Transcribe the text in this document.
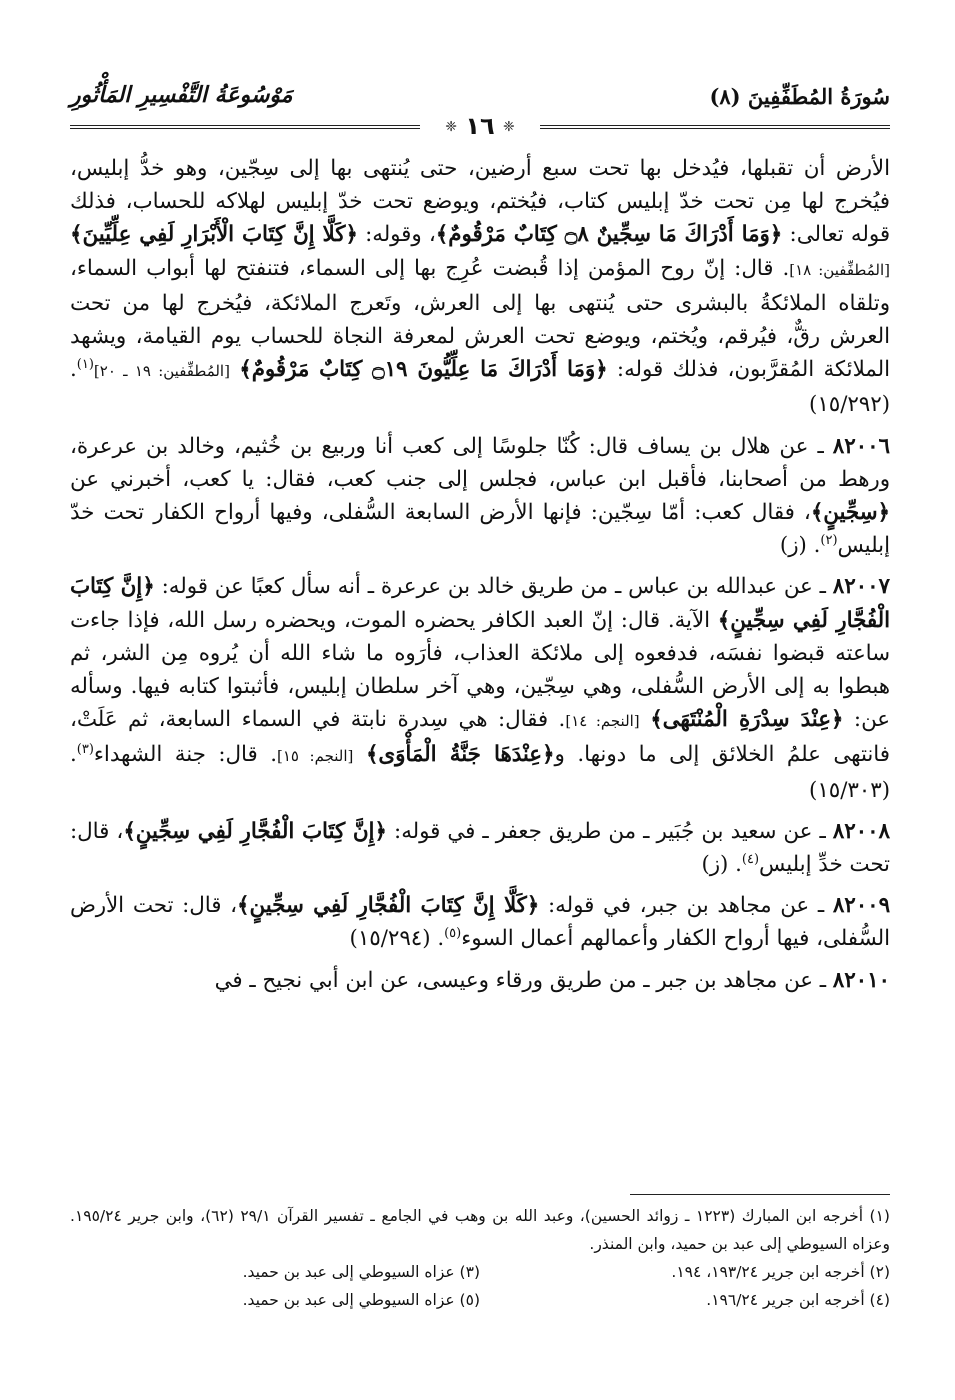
سُورَةُ المُطَفِّفِينَ (٨)
مَوْسُوعَةُ التَّفْسِيرِ المَأْثُورِ
❈ ١٦ ❈

الأرض أن تقبلها، فيُدخل بها تحت سبع أرضين، حتى يُنتهى بها إلى سِجّين، وهو خدُّ إبليس، فيُخرج لها مِن تحت خدّ إبليس كتاب، فيُختم، ويوضع تحت خدّ إبليس لهلاكه للحساب، فذلك قوله تعالى: ﴿وَمَا أَدْرَاكَ مَا سِجِّينٌ ۝٨ كِتَابٌ مَرْقُومٌ﴾، وقوله: ﴿كَلَّا إِنَّ كِتَابَ الْأَبْرَارِ لَفِي عِلِّيِّينَ﴾ [المُطفِّفين: ١٨]. قال: إنّ روح المؤمن إذا قُبضت عُرِج بها إلى السماء، فتنفتح لها أبواب السماء، وتلقاه الملائكةُ بالبشرى حتى يُنتهى بها إلى العرش، وتَعرج الملائكة، فيُخرج لها من تحت العرش رقٌّ، فيُرقم، ويُختم، ويوضع تحت العرش لمعرفة النجاة للحساب يوم القيامة، ويشهد الملائكة المُقرَّبون، فذلك قوله: ﴿وَمَا أَدْرَاكَ مَا عِلِّيُّونَ ۝١٩ كِتَابٌ مَرْقُومٌ﴾ [المُطفِّفين: ١٩ ـ ٢٠]$^{(١)}$. (١٥/٢٩٢)

٨٢٠٠٦ ـ عن هلال بن يساف قال: كُنّا جلوسًا إلى كعب أنا وربيع بن خُثيم، وخالد بن عرعرة، ورهط من أصحابنا، فأقبل ابن عباس، فجلس إلى جنب كعب، فقال: يا كعب، أخبرني عن ﴿سِجِّينٍ﴾، فقال كعب: أمّا سِجّين: فإنها الأرض السابعة السُّفلى، وفيها أرواح الكفار تحت خدّ إبليس$^{(٢)}$. (ز)

٨٢٠٠٧ ـ عن عبدالله بن عباس ـ من طريق خالد بن عرعرة ـ أنه سأل كعبًا عن قوله: ﴿إِنَّ كِتَابَ الْفُجَّارِ لَفِي سِجِّينٍ﴾ الآية. قال: إنّ العبد الكافر يحضره الموت، ويحضره رسل الله، فإذا جاءت ساعته قبضوا نفسَه، فدفعوه إلى ملائكة العذاب، فأرَوه ما شاء الله أن يُروه مِن الشر، ثم هبطوا به إلى الأرض السُّفلى، وهي سِجّين، وهي آخر سلطان إبليس، فأثبتوا كتابه فيها. وسأله عن: ﴿عِنْدَ سِدْرَةِ الْمُنْتَهَى﴾ [النجم: ١٤]. فقال: هي سِدرة نابتة في السماء السابعة، ثم عَلَتْ، فانتهى علمُ الخلائق إلى ما دونها. و﴿عِنْدَهَا جَنَّةُ الْمَأْوَى﴾ [النجم: ١٥]. قال: جنة الشهداء$^{(٣)}$. (١٥/٣٠٣)

٨٢٠٠٨ ـ عن سعيد بن جُبَير ـ من طريق جعفر ـ في قوله: ﴿إِنَّ كِتَابَ الْفُجَّارِ لَفِي سِجِّينٍ﴾، قال: تحت خدِّ إبليس$^{(٤)}$. (ز)

٨٢٠٠٩ ـ عن مجاهد بن جبر، في قوله: ﴿كَلَّا إِنَّ كِتَابَ الْفُجَّارِ لَفِي سِجِّينٍ﴾، قال: تحت الأرض السُّفلى، فيها أرواح الكفار وأعمالهم أعمال السوء$^{(٥)}$. (١٥/٢٩٤)

٨٢٠١٠ ـ عن مجاهد بن جبر ـ من طريق ورقاء وعيسى، عن ابن أبي نجيح ـ في

(١) أخرجه ابن المبارك (١٢٢٣ ـ زوائد الحسين)، وعبد الله بن وهب في الجامع ـ تفسير القرآن ٢٩/١ (٦٢)، وابن جرير ١٩٥/٢٤. وعزاه السيوطي إلى عبد بن حميد، وابن المنذر.
(٢) أخرجه ابن جرير ١٩٣/٢٤، ١٩٤.
(٣) عزاه السيوطي إلى عبد بن حميد.
(٤) أخرجه ابن جرير ١٩٦/٢٤.
(٥) عزاه السيوطي إلى عبد بن حميد.
